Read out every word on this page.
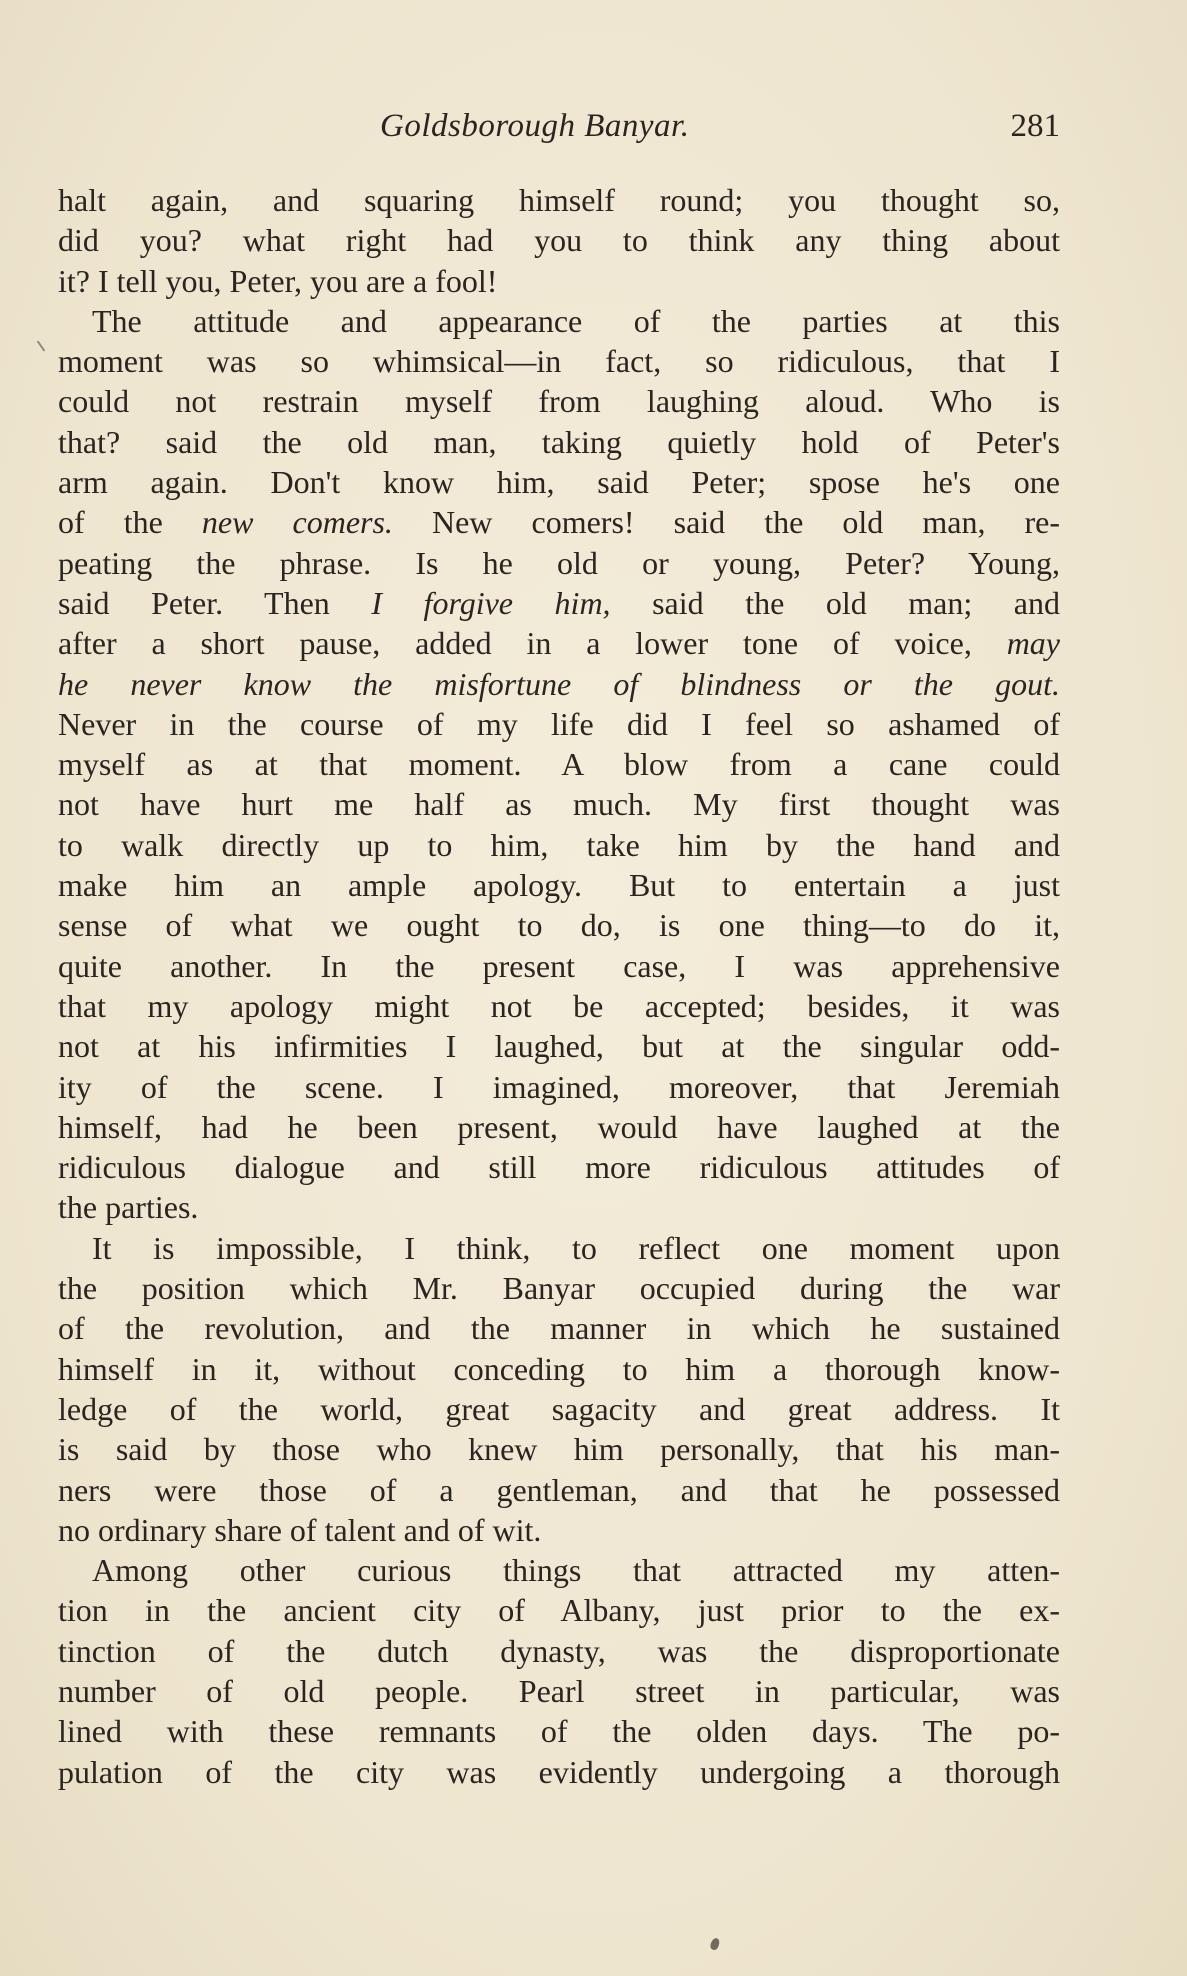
Goldsborough Banyar.	281
halt again, and squaring himself round; you thought so,
did you? what right had you to think any thing about
it? I tell you, Peter, you are a fool!
The attitude and appearance of the parties at this
moment was so whimsical—in fact, so ridiculous, that I
could not restrain myself from laughing aloud. Who is
that? said the old man, taking quietly hold of Peter's
arm again. Don't know him, said Peter; spose he's one
of the new comers. New comers! said the old man, re-
peating the phrase. Is he old or young, Peter? Young,
said Peter. Then I forgive him, said the old man; and
after a short pause, added in a lower tone of voice, may
he never know the misfortune of blindness or the gout.
Never in the course of my life did I feel so ashamed of
myself as at that moment. A blow from a cane could
not have hurt me half as much. My first thought was
to walk directly up to him, take him by the hand and
make him an ample apology. But to entertain a just
sense of what we ought to do, is one thing—to do it,
quite another. In the present case, I was apprehensive
that my apology might not be accepted; besides, it was
not at his infirmities I laughed, but at the singular odd-
ity of the scene. I imagined, moreover, that Jeremiah
himself, had he been present, would have laughed at the
ridiculous dialogue and still more ridiculous attitudes of
the parties.
It is impossible, I think, to reflect one moment upon
the position which Mr. Banyar occupied during the war
of the revolution, and the manner in which he sustained
himself in it, without conceding to him a thorough know-
ledge of the world, great sagacity and great address. It
is said by those who knew him personally, that his man-
ners were those of a gentleman, and that he possessed
no ordinary share of talent and of wit.
Among other curious things that attracted my atten-
tion in the ancient city of Albany, just prior to the ex-
tinction of the dutch dynasty, was the disproportionate
number of old people. Pearl street in particular, was
lined with these remnants of the olden days. The po-
pulation of the city was evidently undergoing a thorough
